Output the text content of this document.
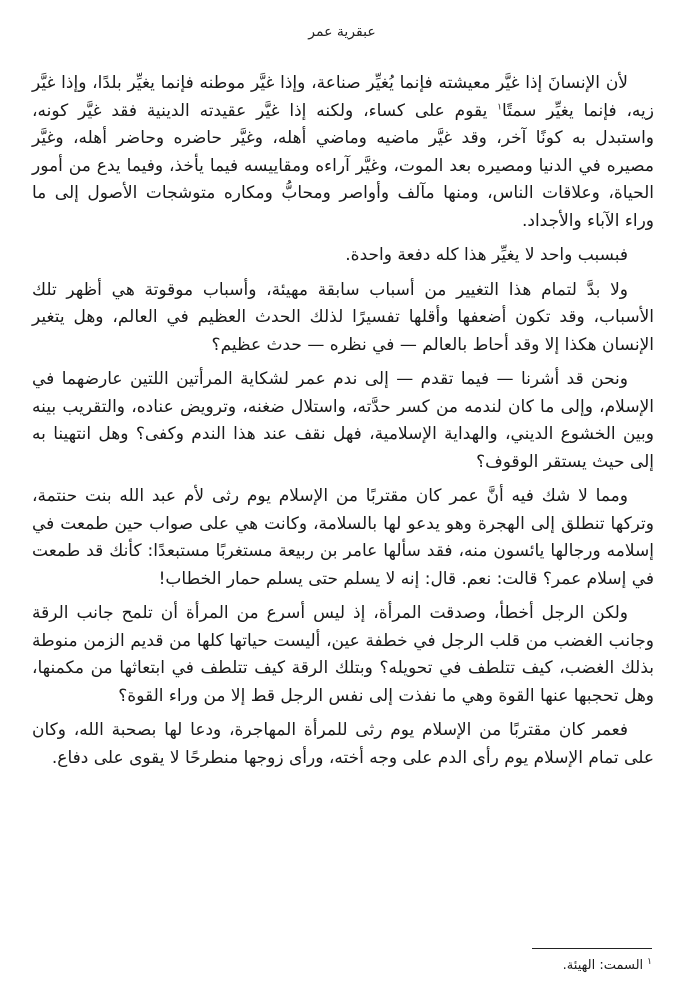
عبقرية عمر

لأن الإنسانَ إذا غيَّر معيشته فإنما يُغيِّر صناعة، وإذا غيَّر موطنه فإنما يغيِّر بلدًا، وإذا غيَّر زيه، فإنما يغيِّر سمتًا$^١$ يقوم على كساء، ولكنه إذا غيَّر عقيدته الدينية فقد غيَّر كونه، واستبدل به كونًا آخر، وقد غيَّر ماضيه وماضي أهله، وغيَّر حاضره وحاضر أهله، وغيَّر مصيره في الدنيا ومصيره بعد الموت، وغيَّر آراءه ومقاييسه فيما يأخذ، وفيما يدع من أمور الحياة، وعلاقات الناس، ومنها مآلف وأواصر ومحابُّ ومكاره متوشجات الأصول إلى ما وراء الآباء والأجداد.

فبسبب واحد لا يغيِّر هذا كله دفعة واحدة.

ولا بدَّ لتمام هذا التغيير من أسباب سابقة مهيئة، وأسباب موقوتة هي أظهر تلك الأسباب، وقد تكون أضعفها وأقلها تفسيرًا لذلك الحدث العظيم في العالم، وهل يتغير الإنسان هكذا إلا وقد أحاط بالعالم — في نظره — حدث عظيم؟

ونحن قد أشرنا — فيما تقدم — إلى ندم عمر لشكاية المرأتين اللتين عارضهما في الإسلام، وإلى ما كان لندمه من كسر حدَّته، واستلال ضغنه، وترويض عناده، والتقريب بينه وبين الخشوع الديني، والهداية الإسلامية، فهل نقف عند هذا الندم وكفى؟ وهل انتهينا به إلى حيث يستقر الوقوف؟

ومما لا شك فيه أنَّ عمر كان مقتربًا من الإسلام يوم رثى لأم عبد الله بنت حنتمة، وتركها تنطلق إلى الهجرة وهو يدعو لها بالسلامة، وكانت هي على صواب حين طمعت في إسلامه ورجالها يائسون منه، فقد سألها عامر بن ربيعة مستغربًا مستبعدًا: كأنك قد طمعت في إسلام عمر؟ قالت: نعم. قال: إنه لا يسلم حتى يسلم حمار الخطاب!

ولكن الرجل أخطأ، وصدقت المرأة، إذ ليس أسرع من المرأة أن تلمح جانب الرقة وجانب الغضب من قلب الرجل في خطفة عين، أليست حياتها كلها من قديم الزمن منوطة بذلك الغضب، كيف تتلطف في تحويله؟ وبتلك الرقة كيف تتلطف في ابتعاثها من مكمنها، وهل تحجبها عنها القوة وهي ما نفذت إلى نفس الرجل قط إلا من وراء القوة؟

فعمر كان مقتربًا من الإسلام يوم رثى للمرأة المهاجرة، ودعا لها بصحبة الله، وكان على تمام الإسلام يوم رأى الدم على وجه أخته، ورأى زوجها منطرحًا لا يقوى على دفاع.

$^١$السمت: الهيئة.
